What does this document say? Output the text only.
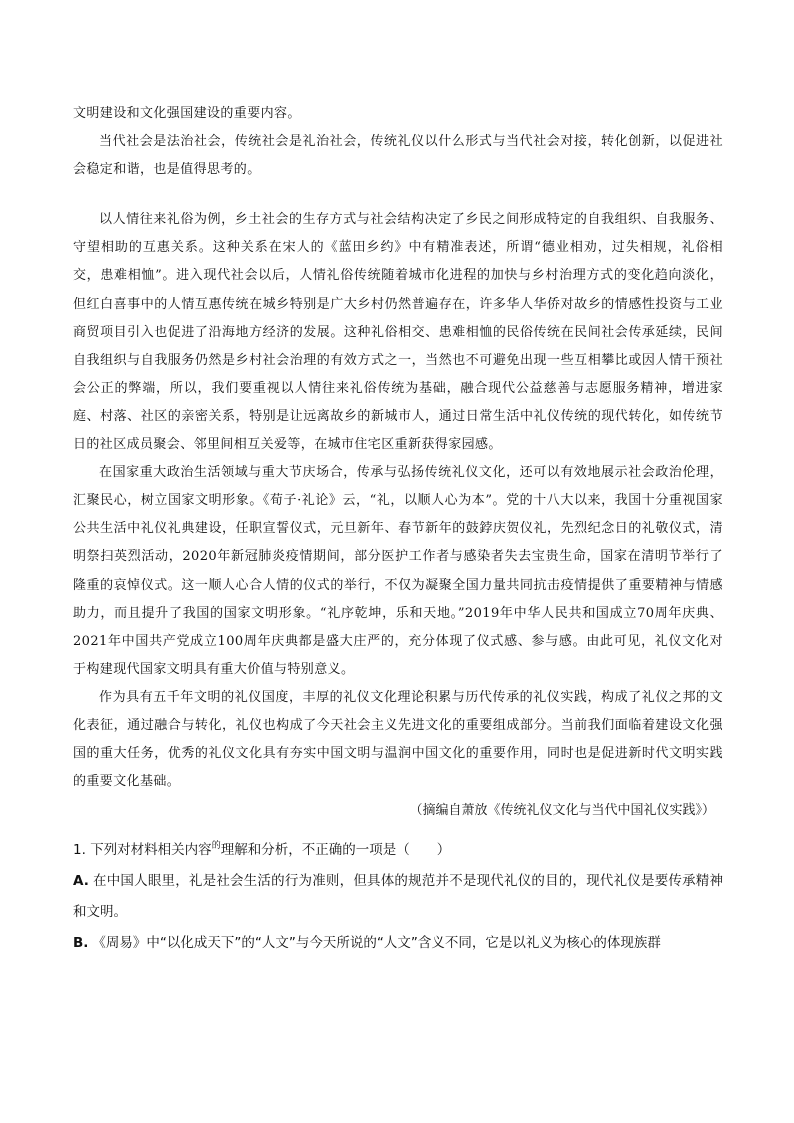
文明建设和文化强国建设的重要内容。

当代社会是法治社会，传统社会是礼治社会，传统礼仪以什么形式与当代社会对接，转化创新，以促进社会稳定和谐，也是值得思考的。

以人情往来礼俗为例，乡土社会的生存方式与社会结构决定了乡民之间形成特定的自我组织、自我服务、守望相助的互惠关系。这种关系在宋人的《蓝田乡约》中有精准表述，所谓“德业相劝，过失相规，礼俗相交，患难相恤”。进入现代社会以后，人情礼俗传统随着城市化进程的加快与乡村治理方式的变化趋向淡化，但红白喜事中的人情互惠传统在城乡特别是广大乡村仍然普遍存在，许多华人华侨对故乡的情感性投资与工业商贸项目引入也促进了沿海地方经济的发展。这种礼俗相交、患难相恤的民俗传统在民间社会传承延续，民间自我组织与自我服务仍然是乡村社会治理的有效方式之一，当然也不可避免出现一些互相攀比或因人情干预社会公正的弊端，所以，我们要重视以人情往来礼俗传统为基础，融合现代公益慈善与志愿服务精神，增进家庭、村落、社区的亲密关系，特别是让远离故乡的新城市人，通过日常生活中礼仪传统的现代转化，如传统节日的社区成员聚会、邻里间相互关爱等，在城市住宅区重新获得家园感。

在国家重大政治生活领域与重大节庆场合，传承与弘扬传统礼仪文化，还可以有效地展示社会政治伦理，汇聚民心，树立国家文明形象。《荀子·礼论》云，“礼，以顺人心为本”。党的十八大以来，我国十分重视国家公共生活中礼仪礼典建设，任职宣誓仪式，元旦新年、春节新年的鼓鋍庆贺仪礼，先烈纪念日的礼敬仪式，清明祭扫英烈活动，2020年新冠肺炎疫情期间，部分医护工作者与感染者失去宝贵生命，国家在清明节举行了隆重的哀悼仪式。这一顺人心合人情的仪式的举行，不仅为凝聚全国力量共同抗击疫情提供了重要精神与情感助力，而且提升了我国的国家文明形象。“礼序乾坤，乐和天地。”2019年中华人民共和国成立70周年庆典、2021年中国共产党成立100周年庆典都是盛大庄严的，充分体现了仪式感、参与感。由此可见，礼仪文化对于构建现代国家文明具有重大价值与特别意义。

作为具有五千年文明的礼仪国度，丰厚的礼仪文化理论积累与历代传承的礼仪实践，构成了礼仪之邦的文化表征，通过融合与转化，礼仪也构成了今天社会主义先进文化的重要组成部分。当前我们面临着建设文化强国的重大任务，优秀的礼仪文化具有夯实中国文明与温润中国文化的重要作用，同时也是促进新时代文明实践的重要文化基础。

（摘编自萧放《传统礼仪文化与当代中国礼仪实践》）

1. 下列对材料相关内容$^的$理解和分析，不正确的一项是（　　）

A. 在中国人眼里，礼是社会生活的行为准则，但具体的规范并不是现代礼仪的目的，现代礼仪是要传承精神和文明。

B. 《周易》中“以化成天下”的“人文”与今天所说的“人文”含义不同，它是以礼义为核心的体现族群
